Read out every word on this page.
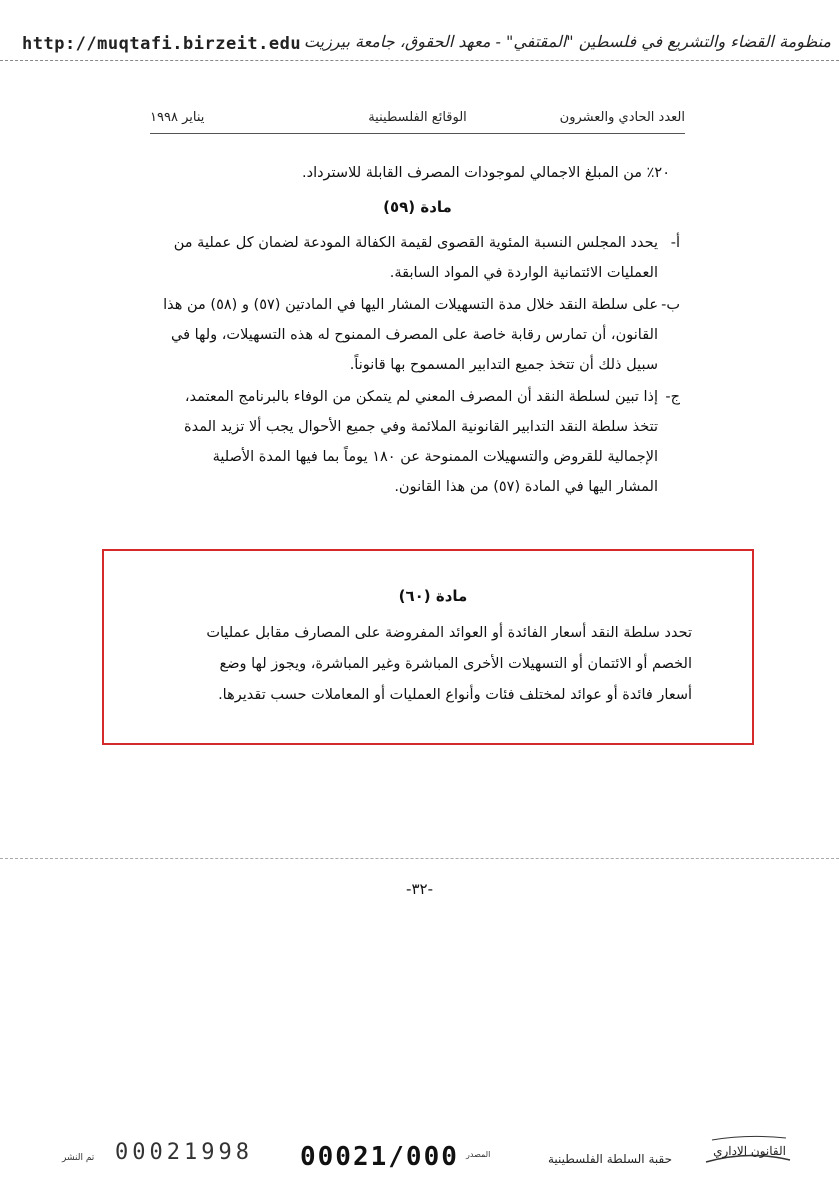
http://muqtafi.birzeit.edu منظومة القضاء والتشريع في فلسطين "المقتفي" - معهد الحقوق، جامعة بيرزيت
العدد الحادي والعشرون
الوقائع الفلسطينية
يناير ١٩٩٨
٢٠٪ من المبلغ الاجمالي لموجودات المصرف القابلة للاسترداد.
مادة (٥٩)
أ-
يحدد المجلس النسبة المئوية القصوى لقيمة الكفالة المودعة لضمان كل عملية من
العمليات الائتمانية الواردة في المواد السابقة.
ب-
على سلطة النقد خلال مدة التسهيلات المشار اليها في المادتين (٥٧) و (٥٨) من هذا
القانون، أن تمارس رقابة خاصة على المصرف الممنوح له هذه التسهيلات، ولها في
سبيل ذلك أن تتخذ جميع التدابير المسموح بها قانوناً.
ج-
إذا تبين لسلطة النقد أن المصرف المعني لم يتمكن من الوفاء بالبرنامج المعتمد،
تتخذ سلطة النقد التدابير القانونية الملائمة وفي جميع الأحوال يجب ألا تزيد المدة
الإجمالية للقروض والتسهيلات الممنوحة عن ١٨٠ يوماً بما فيها المدة الأصلية
المشار اليها في المادة (٥٧) من هذا القانون.
مادة (٦٠)
تحدد سلطة النقد أسعار الفائدة أو العوائد المفروضة على المصارف مقابل عمليات
الخصم أو الائتمان أو التسهيلات الأخرى المباشرة وغير المباشرة، ويجوز لها وضع
أسعار فائدة أو عوائد لمختلف فئات وأنواع العمليات أو المعاملات حسب تقديرها.
-٣٢-
تم النشر 00021998 00021/000 المصدر	حقبة السلطة الفلسطينية
القانون الاداري
